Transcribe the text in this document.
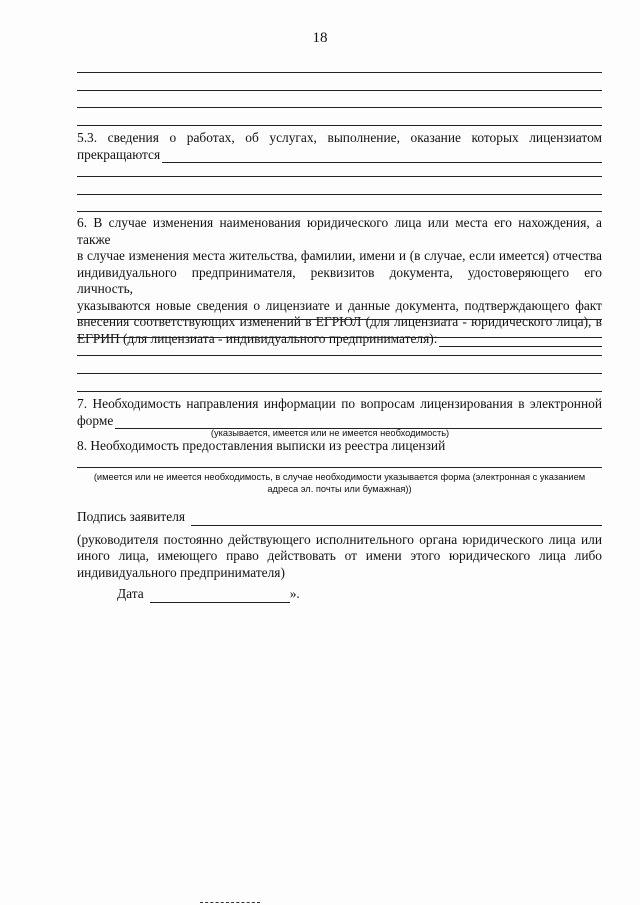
18
5.3. сведения о работах, об услугах, выполнение, оказание которых лицензиатом
прекращаются
6. В случае изменения наименования юридического лица или места его нахождения, а также
в случае изменения места жительства, фамилии, имени и (в случае, если имеется) отчества
индивидуального предпринимателя, реквизитов документа, удостоверяющего его личность,
указываются новые сведения о лицензиате и данные документа, подтверждающего факт
внесения соответствующих изменений в ЕГРЮЛ (для лицензиата - юридического лица), в
ЕГРИП (для лицензиата - индивидуального предпринимателя):
7. Необходимость направления информации по вопросам лицензирования в электронной
форме
(указывается, имеется или не имеется необходимость)
8. Необходимость предоставления выписки из реестра лицензий
(имеется или не имеется необходимость, в случае необходимости указывается форма (электронная с указанием
адреса эл. почты или бумажная))
Подпись заявителя
(руководителя постоянно действующего исполнительного органа юридического лица или
иного лица, имеющего право действовать от имени этого юридического лица либо
индивидуального предпринимателя)
Дата	».
